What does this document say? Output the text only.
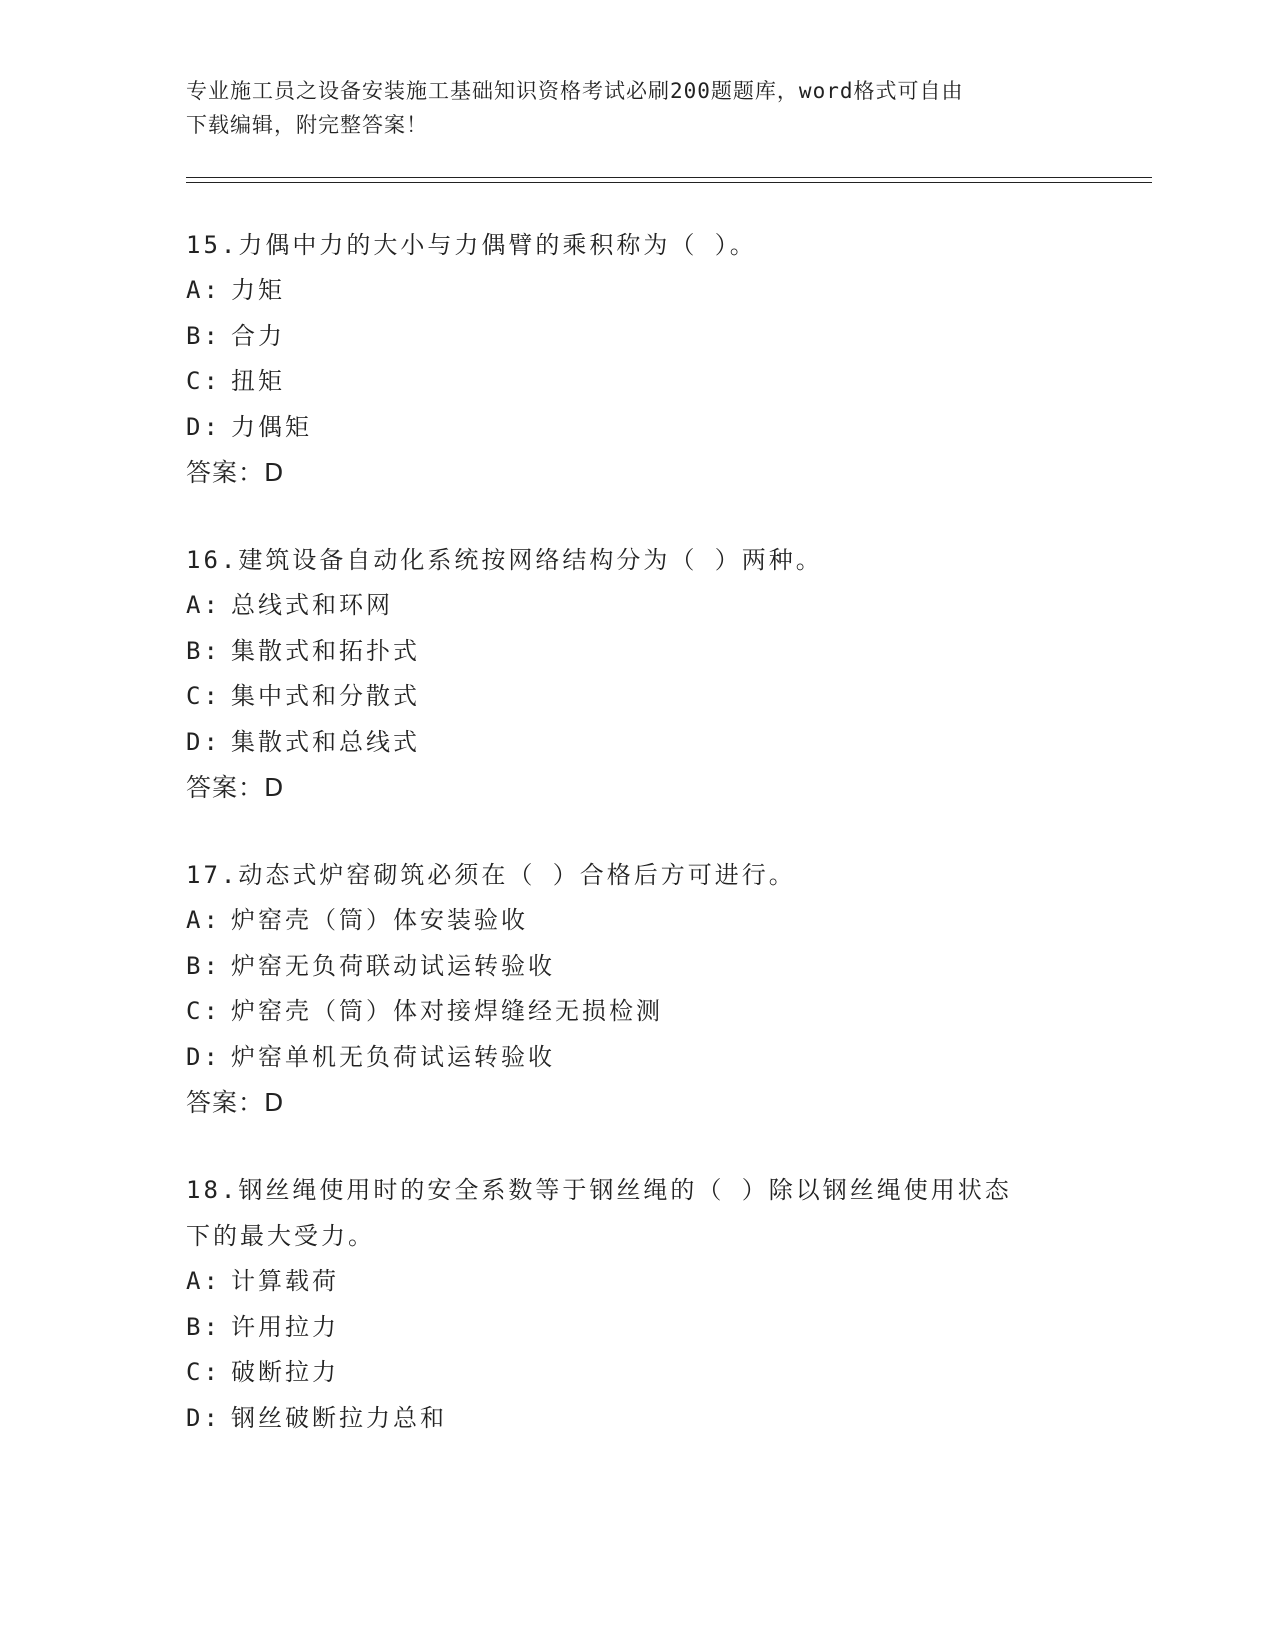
专业施工员之设备安装施工基础知识资格考试必刷200题题库，word格式可自由
下载编辑，附完整答案！

15.力偶中力的大小与力偶臂的乘积称为（ ）。

A: 力矩

B: 合力

C: 扭矩

D: 力偶矩

答案：D

16.建筑设备自动化系统按网络结构分为（ ）两种。

A: 总线式和环网

B: 集散式和拓扑式

C: 集中式和分散式

D: 集散式和总线式

答案：D

17.动态式炉窑砌筑必须在（ ）合格后方可进行。

A: 炉窑壳（筒）体安装验收

B: 炉窑无负荷联动试运转验收

C: 炉窑壳（筒）体对接焊缝经无损检测

D: 炉窑单机无负荷试运转验收

答案：D

18.钢丝绳使用时的安全系数等于钢丝绳的（ ）除以钢丝绳使用状态

下的最大受力。

A: 计算载荷

B: 许用拉力

C: 破断拉力

D: 钢丝破断拉力总和
